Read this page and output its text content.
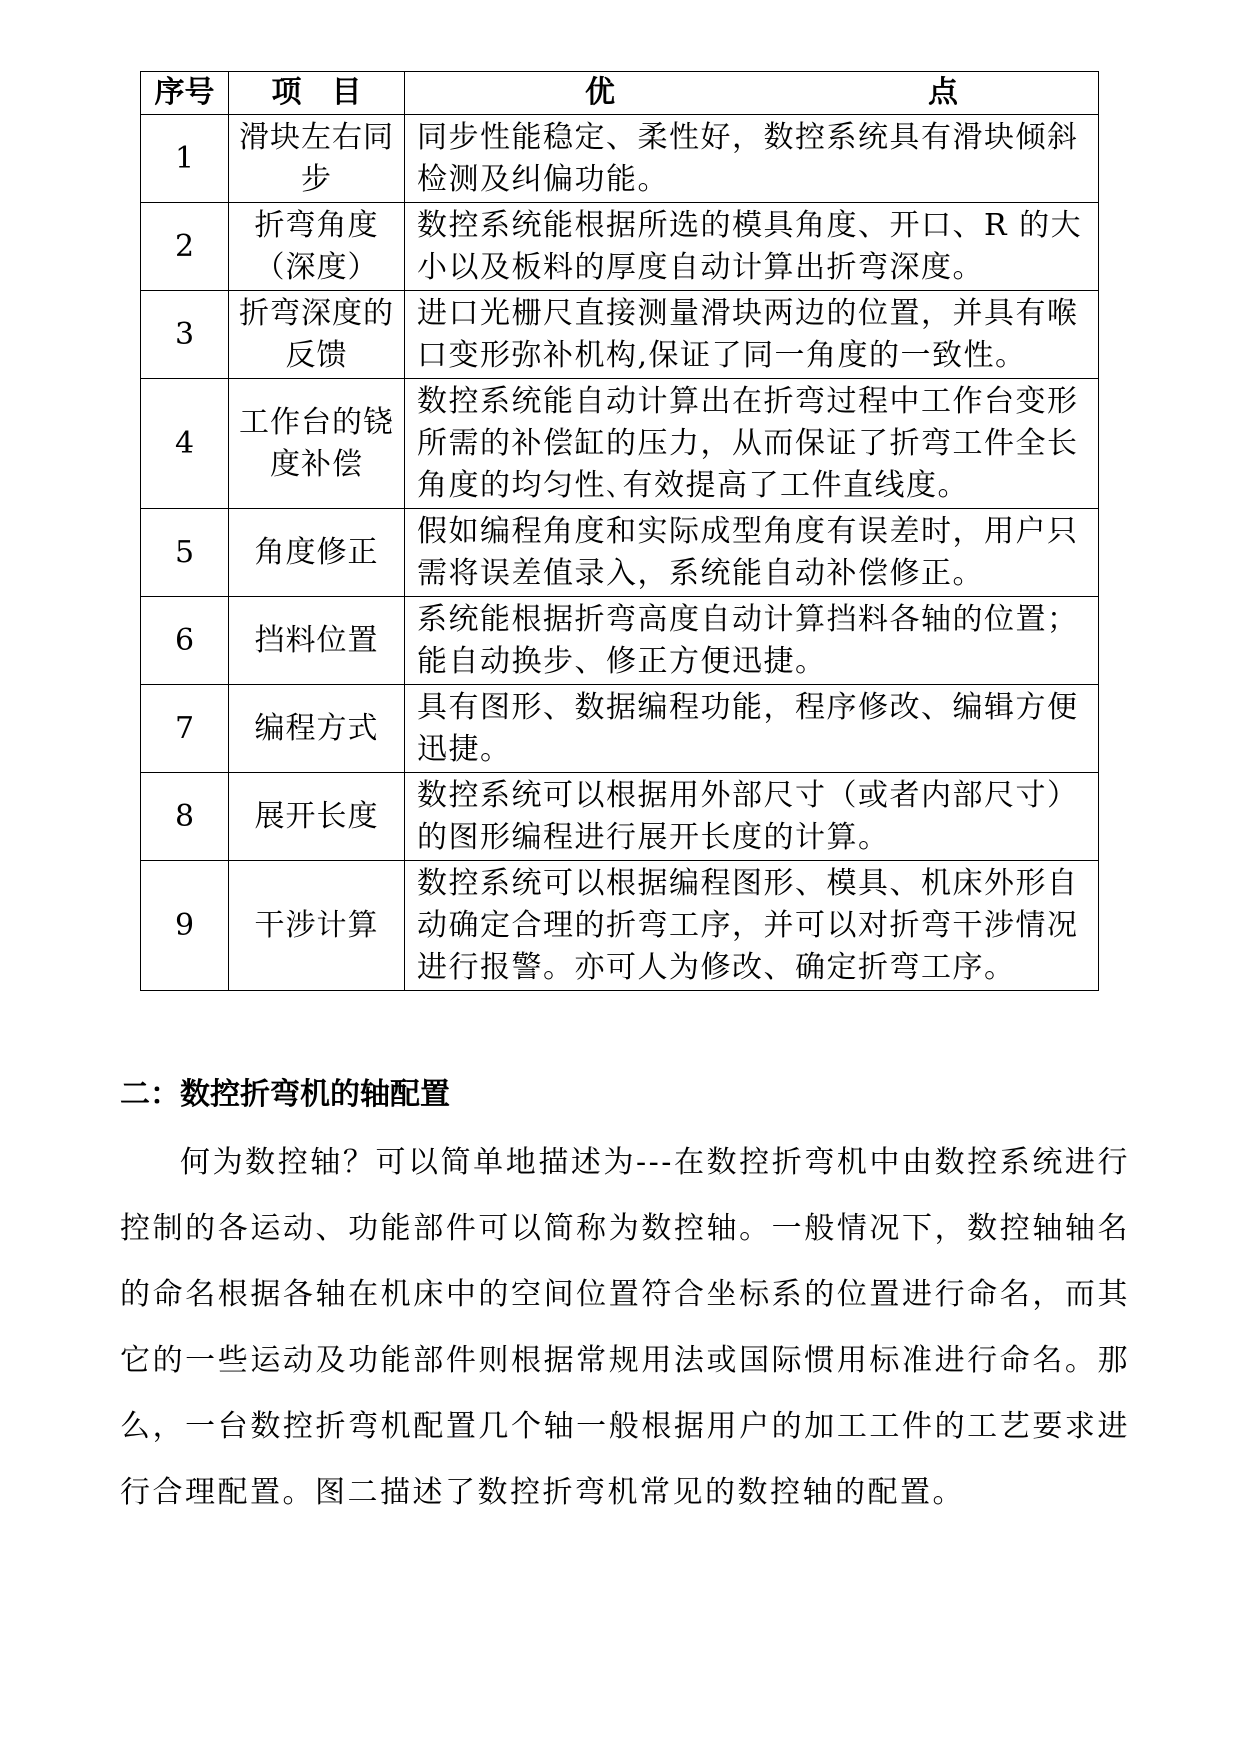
序号	项　目	优 点

1	滑块左右同步	同步性能稳定、柔性好，数控系统具有滑块倾斜检测及纠偏功能。
2	折弯角度（深度）	数控系统能根据所选的模具角度、开口、R 的大小以及板料的厚度自动计算出折弯深度。
3	折弯深度的反馈	进口光栅尺直接测量滑块两边的位置，并具有喉口变形弥补机构,保证了同一角度的一致性。
4	工作台的铙度补偿	数控系统能自动计算出在折弯过程中工作台变形所需的补偿缸的压力，从而保证了折弯工件全长角度的均匀性､有效提高了工件直线度。
5	角度修正	假如编程角度和实际成型角度有误差时，用户只需将误差值录入，系统能自动补偿修正。
6	挡料位置	系统能根据折弯高度自动计算挡料各轴的位置；能自动换步、修正方便迅捷。
7	编程方式	具有图形、数据编程功能，程序修改、编辑方便迅捷。
8	展开长度	数控系统可以根据用外部尺寸（或者内部尺寸）的图形编程进行展开长度的计算。
9	干涉计算	数控系统可以根据编程图形、模具、机床外形自动确定合理的折弯工序，并可以对折弯干涉情况进行报警。亦可人为修改、确定折弯工序。
二：数控折弯机的轴配置

何为数控轴？可以简单地描述为---在数控折弯机中由数控系统进行控制的各运动、功能部件可以简称为数控轴。一般情况下，数控轴轴名的命名根据各轴在机床中的空间位置符合坐标系的位置进行命名，而其它的一些运动及功能部件则根据常规用法或国际惯用标准进行命名。那么，一台数控折弯机配置几个轴一般根据用户的加工工件的工艺要求进行合理配置。图二描述了数控折弯机常见的数控轴的配置。
